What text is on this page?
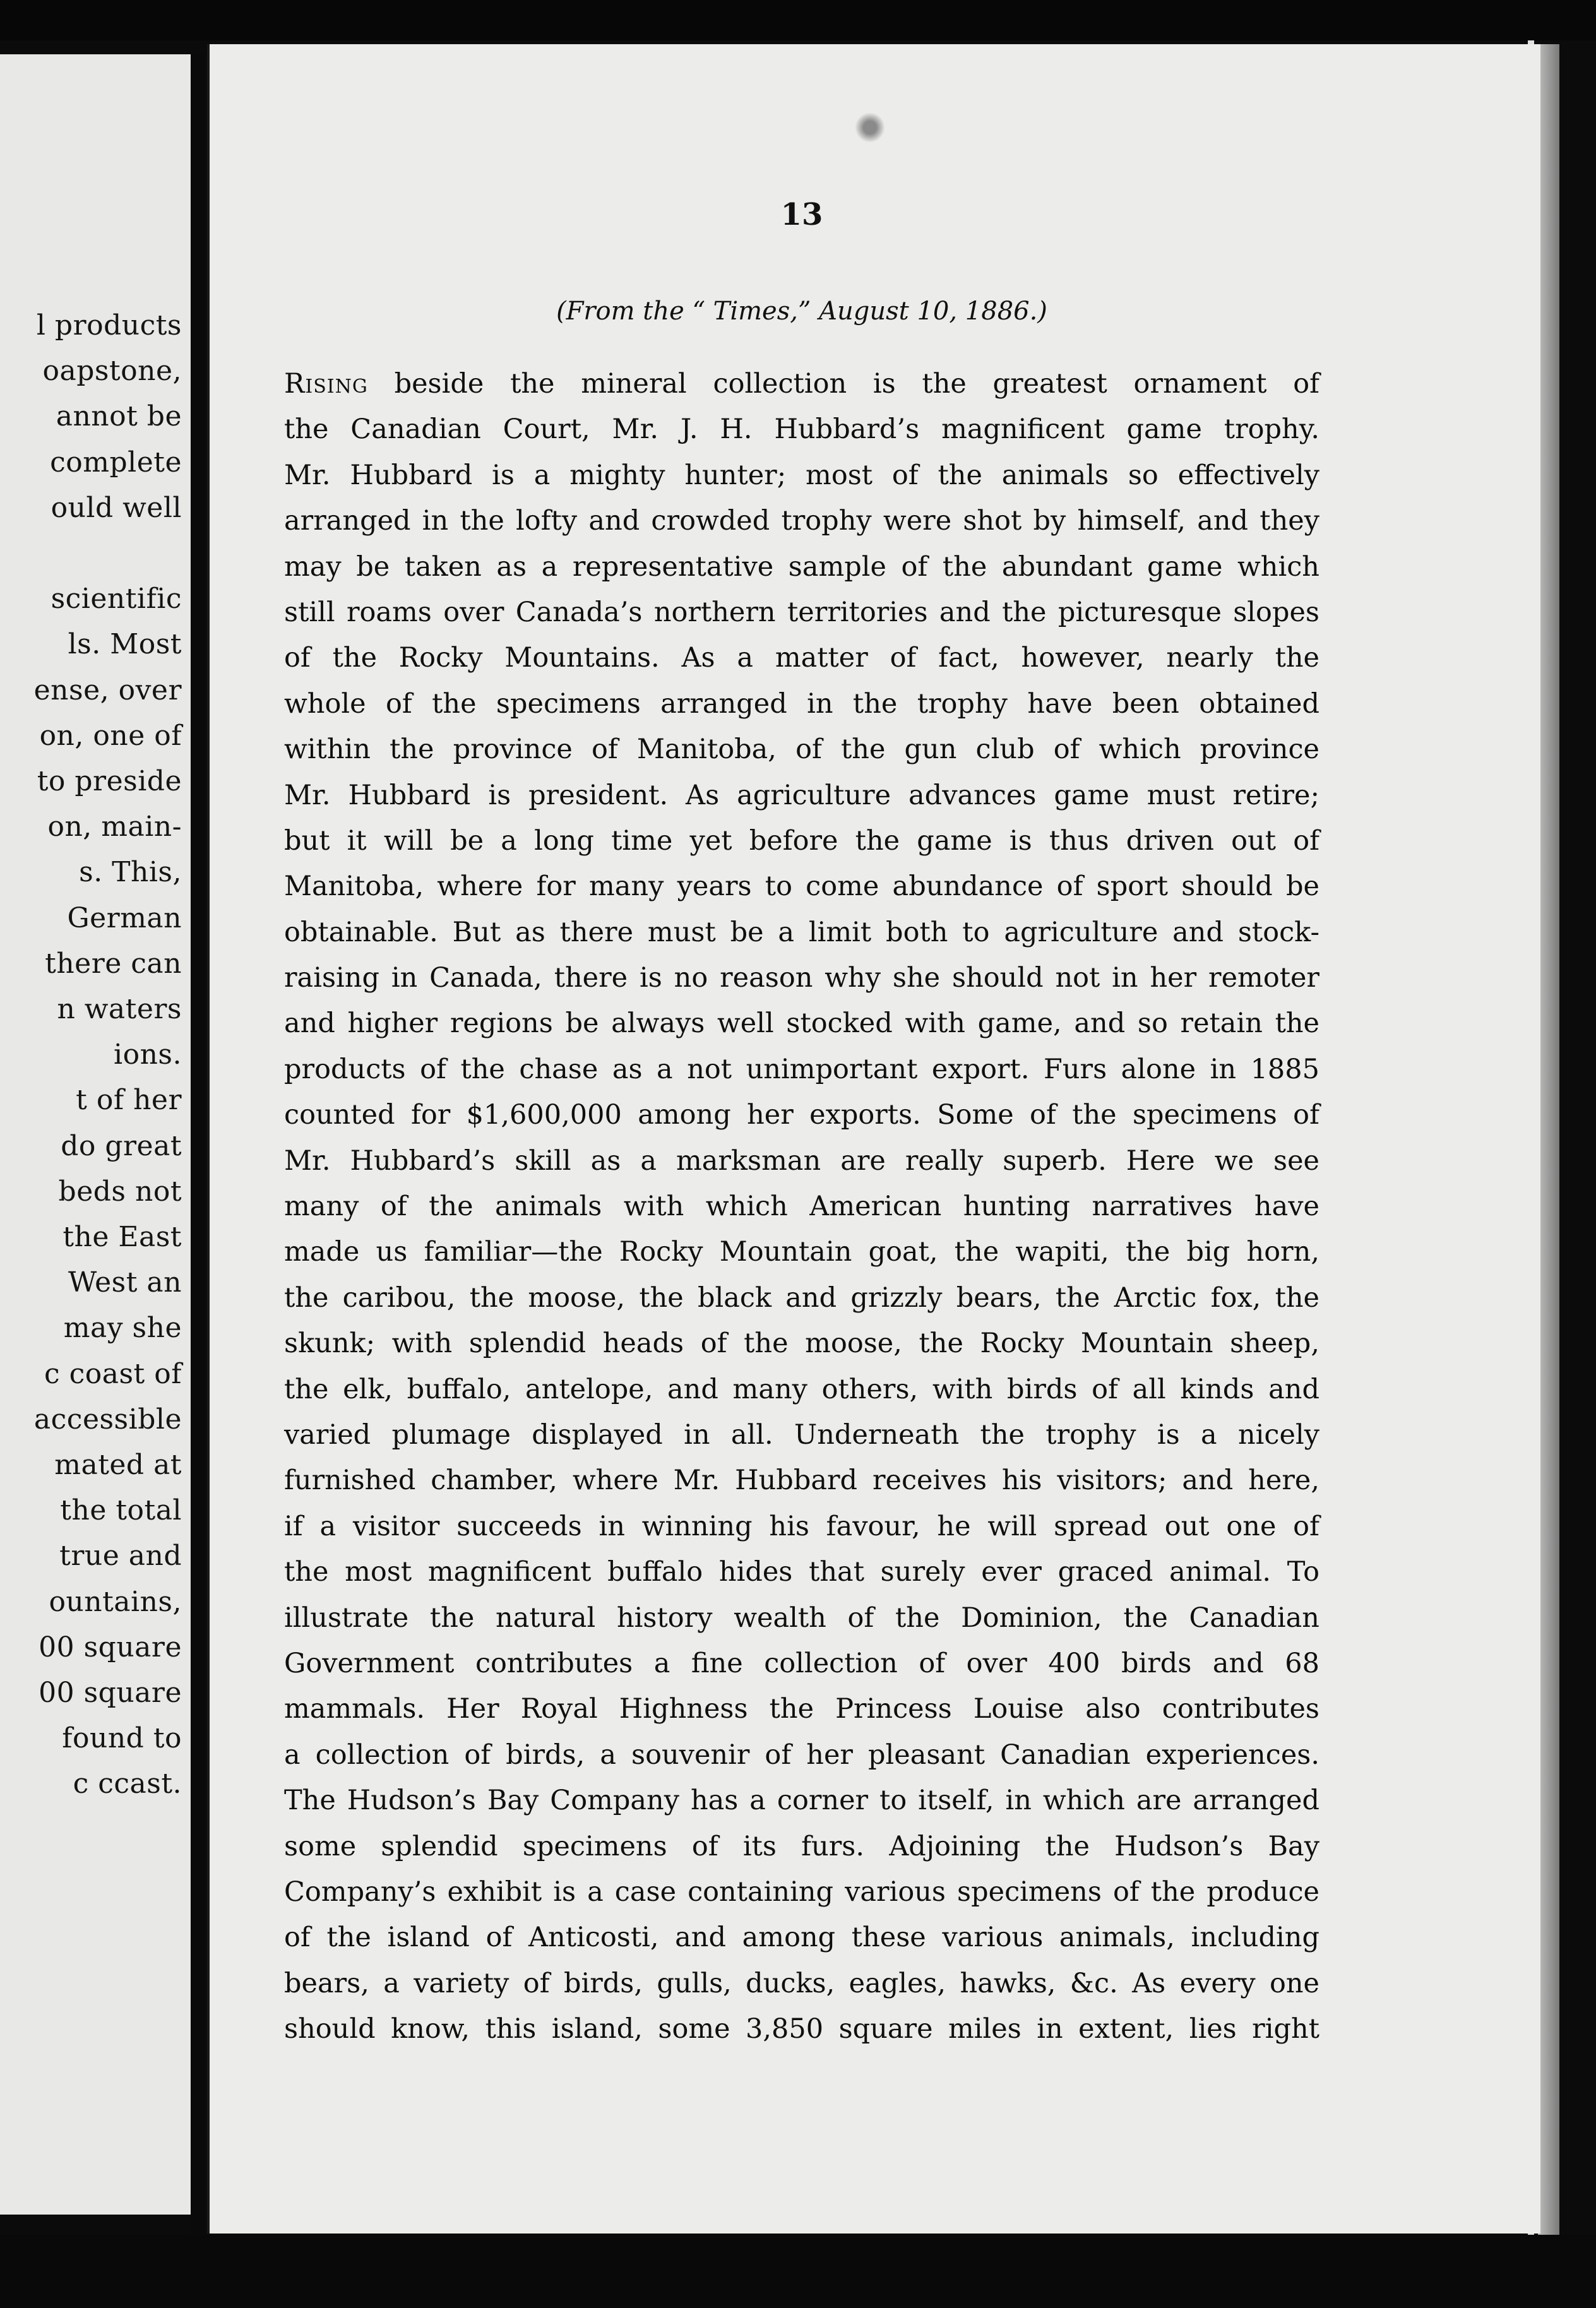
l products
oapstone,
annot be
complete
ould well
scientific
ls. Most
ense, over
on, one of
to preside
on, main-
s. This,
German
there can
n waters
ions.
t of her
do great
beds not
the East
West an
may she
c coast of
accessible
mated at
the total
true and
ountains,
00 square
00 square
found to
c ccast.
13
(From the “ Times,” August 10, 1886.)
Rising beside the mineral collection is the greatest ornament of
the Canadian Court, Mr. J. H. Hubbard’s magnificent game trophy.
Mr. Hubbard is a mighty hunter; most of the animals so effectively
arranged in the lofty and crowded trophy were shot by himself, and they
may be taken as a representative sample of the abundant game which
still roams over Canada’s northern territories and the picturesque slopes
of the Rocky Mountains. As a matter of fact, however, nearly the
whole of the specimens arranged in the trophy have been obtained
within the province of Manitoba, of the gun club of which province
Mr. Hubbard is president. As agriculture advances game must retire;
but it will be a long time yet before the game is thus driven out of
Manitoba, where for many years to come abundance of sport should be
obtainable. But as there must be a limit both to agriculture and stock-
raising in Canada, there is no reason why she should not in her remoter
and higher regions be always well stocked with game, and so retain the
products of the chase as a not unimportant export. Furs alone in 1885
counted for $1,600,000 among her exports. Some of the specimens of
Mr. Hubbard’s skill as a marksman are really superb. Here we see
many of the animals with which American hunting narratives have
made us familiar—the Rocky Mountain goat, the wapiti, the big horn,
the caribou, the moose, the black and grizzly bears, the Arctic fox, the
skunk; with splendid heads of the moose, the Rocky Mountain sheep,
the elk, buffalo, antelope, and many others, with birds of all kinds and
varied plumage displayed in all. Underneath the trophy is a nicely
furnished chamber, where Mr. Hubbard receives his visitors; and here,
if a visitor succeeds in winning his favour, he will spread out one of
the most magnificent buffalo hides that surely ever graced animal. To
illustrate the natural history wealth of the Dominion, the Canadian
Government contributes a fine collection of over 400 birds and 68
mammals. Her Royal Highness the Princess Louise also contributes
a collection of birds, a souvenir of her pleasant Canadian experiences.
The Hudson’s Bay Company has a corner to itself, in which are arranged
some splendid specimens of its furs. Adjoining the Hudson’s Bay
Company’s exhibit is a case containing various specimens of the produce
of the island of Anticosti, and among these various animals, including
bears, a variety of birds, gulls, ducks, eagles, hawks, &c. As every one
should know, this island, some 3,850 square miles in extent, lies right
